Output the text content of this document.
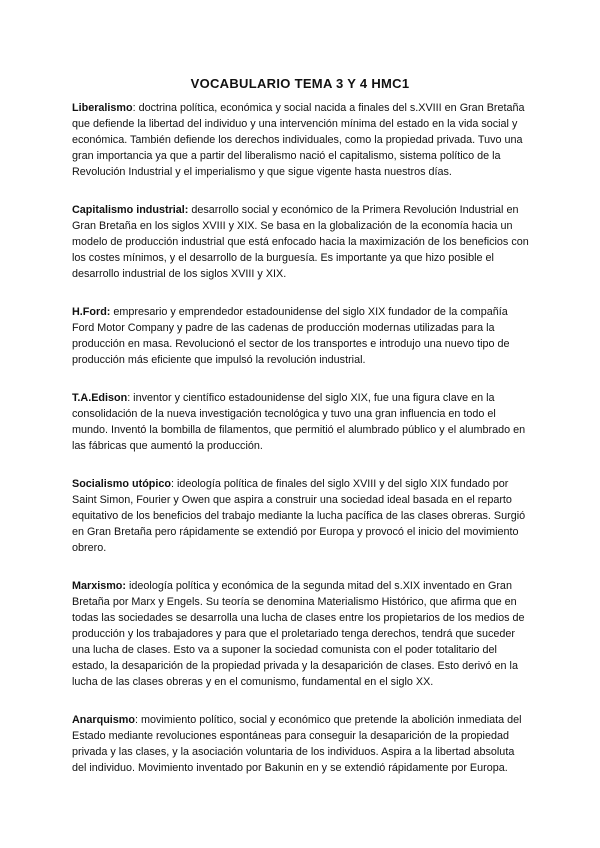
VOCABULARIO TEMA 3 Y 4 HMC1

Liberalismo: doctrina política, económica y social nacida a finales del s.XVIII en Gran Bretaña que defiende la libertad del individuo y una intervención mínima del estado en la vida social y económica. También defiende los derechos individuales, como la propiedad privada. Tuvo una gran importancia ya que a partir del liberalismo nació el capitalismo, sistema político de la Revolución Industrial y el imperialismo y que sigue vigente hasta nuestros días.

Capitalismo industrial: desarrollo social y económico de la Primera Revolución Industrial en Gran Bretaña en los siglos XVIII y XIX. Se basa en la globalización de la economía hacia un modelo de producción industrial que está enfocado hacia la maximización de los beneficios con los costes mínimos, y el desarrollo de la burguesía. Es importante ya que hizo posible el desarrollo industrial de los siglos XVIII y XIX.

H.Ford: empresario y emprendedor estadounidense del siglo XIX fundador de la compañía Ford Motor Company y padre de las cadenas de producción modernas utilizadas para la producción en masa. Revolucionó el sector de los transportes e introdujo una nuevo tipo de producción más eficiente que impulsó la revolución industrial.

T.A.Edison: inventor y científico estadounidense del siglo XIX, fue una figura clave en la consolidación de la nueva investigación tecnológica y tuvo una gran influencia en todo el mundo. Inventó la bombilla de filamentos, que permitió el alumbrado público y el alumbrado en las fábricas que aumentó la producción.

Socialismo utópico: ideología política de finales del siglo XVIII y del siglo XIX fundado por Saint Simon, Fourier y Owen que aspira a construir una sociedad ideal basada en el reparto equitativo de los beneficios del trabajo mediante la lucha pacífica de las clases obreras. Surgió en Gran Bretaña pero rápidamente se extendió por Europa y provocó el inicio del movimiento obrero.

Marxismo: ideología política y económica de la segunda mitad del s.XIX inventado en Gran Bretaña por Marx y Engels. Su teoría se denomina Materialismo Histórico, que afirma que en todas las sociedades se desarrolla una lucha de clases entre los propietarios de los medios de producción y los trabajadores y para que el proletariado tenga derechos, tendrá que suceder una lucha de clases. Esto va a suponer la sociedad comunista con el poder totalitario del estado, la desaparición de la propiedad privada y la desaparición de clases. Esto derivó en la lucha de las clases obreras y en el comunismo, fundamental en el siglo XX.

Anarquismo: movimiento político, social y económico que pretende la abolición inmediata del Estado mediante revoluciones espontáneas para conseguir la desaparición de la propiedad privada y las clases, y la asociación voluntaria de los individuos. Aspira a la libertad absoluta del individuo. Movimiento inventado por Bakunin en y se extendió rápidamente por Europa.
